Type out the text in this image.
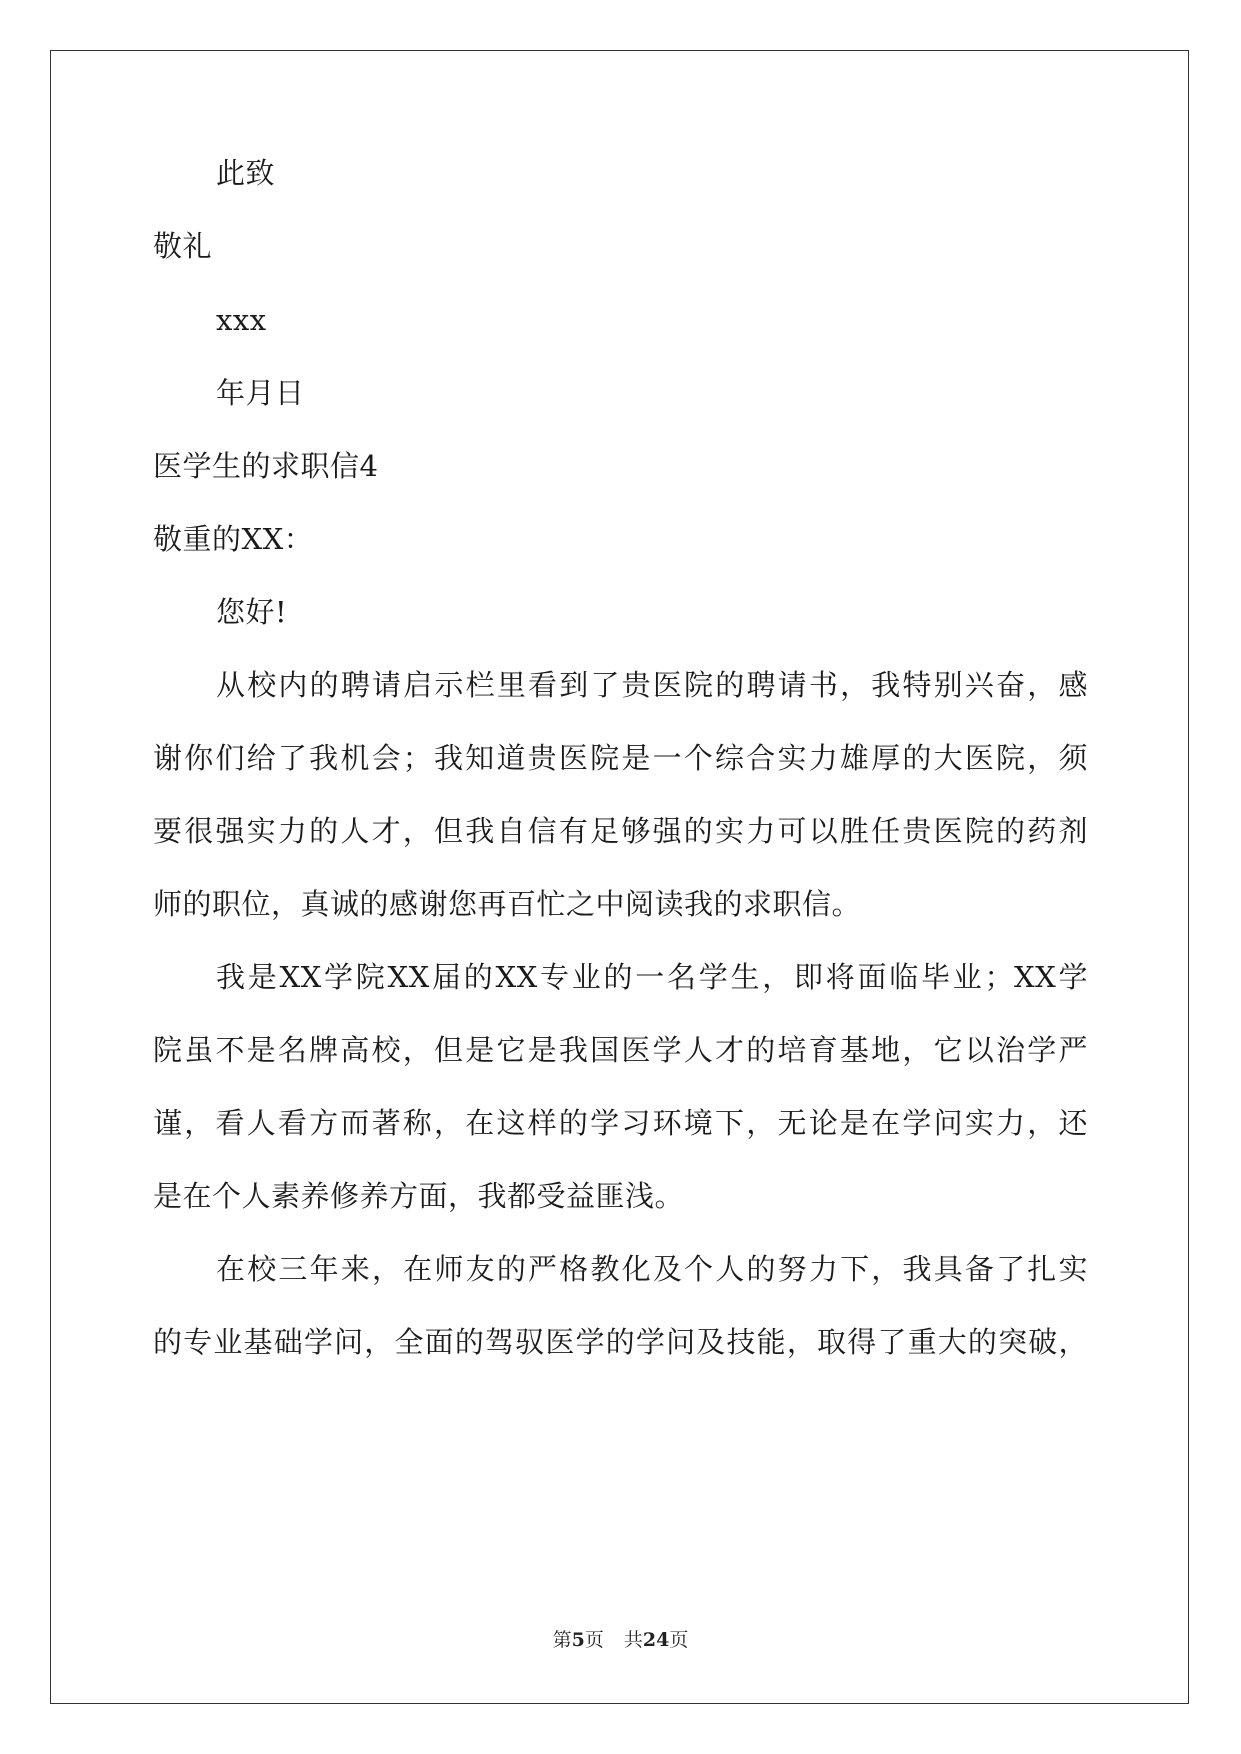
此致
敬礼
xxx
年月日
医学生的求职信4
敬重的XX：
您好!
从校内的聘请启示栏里看到了贵医院的聘请书，我特别兴奋，感
谢你们给了我机会；我知道贵医院是一个综合实力雄厚的大医院，须
要很强实力的人才，但我自信有足够强的实力可以胜任贵医院的药剂
师的职位，真诚的感谢您再百忙之中阅读我的求职信。
我是XX学院XX届的XX专业的一名学生，即将面临毕业；XX学
院虽不是名牌高校，但是它是我国医学人才的培育基地，它以治学严
谨，看人看方而著称，在这样的学习环境下，无论是在学问实力，还
是在个人素养修养方面，我都受益匪浅。
在校三年来，在师友的严格教化及个人的努力下，我具备了扎实
的专业基础学问，全面的驾驭医学的学问及技能，取得了重大的突破，
第5页 共24页
